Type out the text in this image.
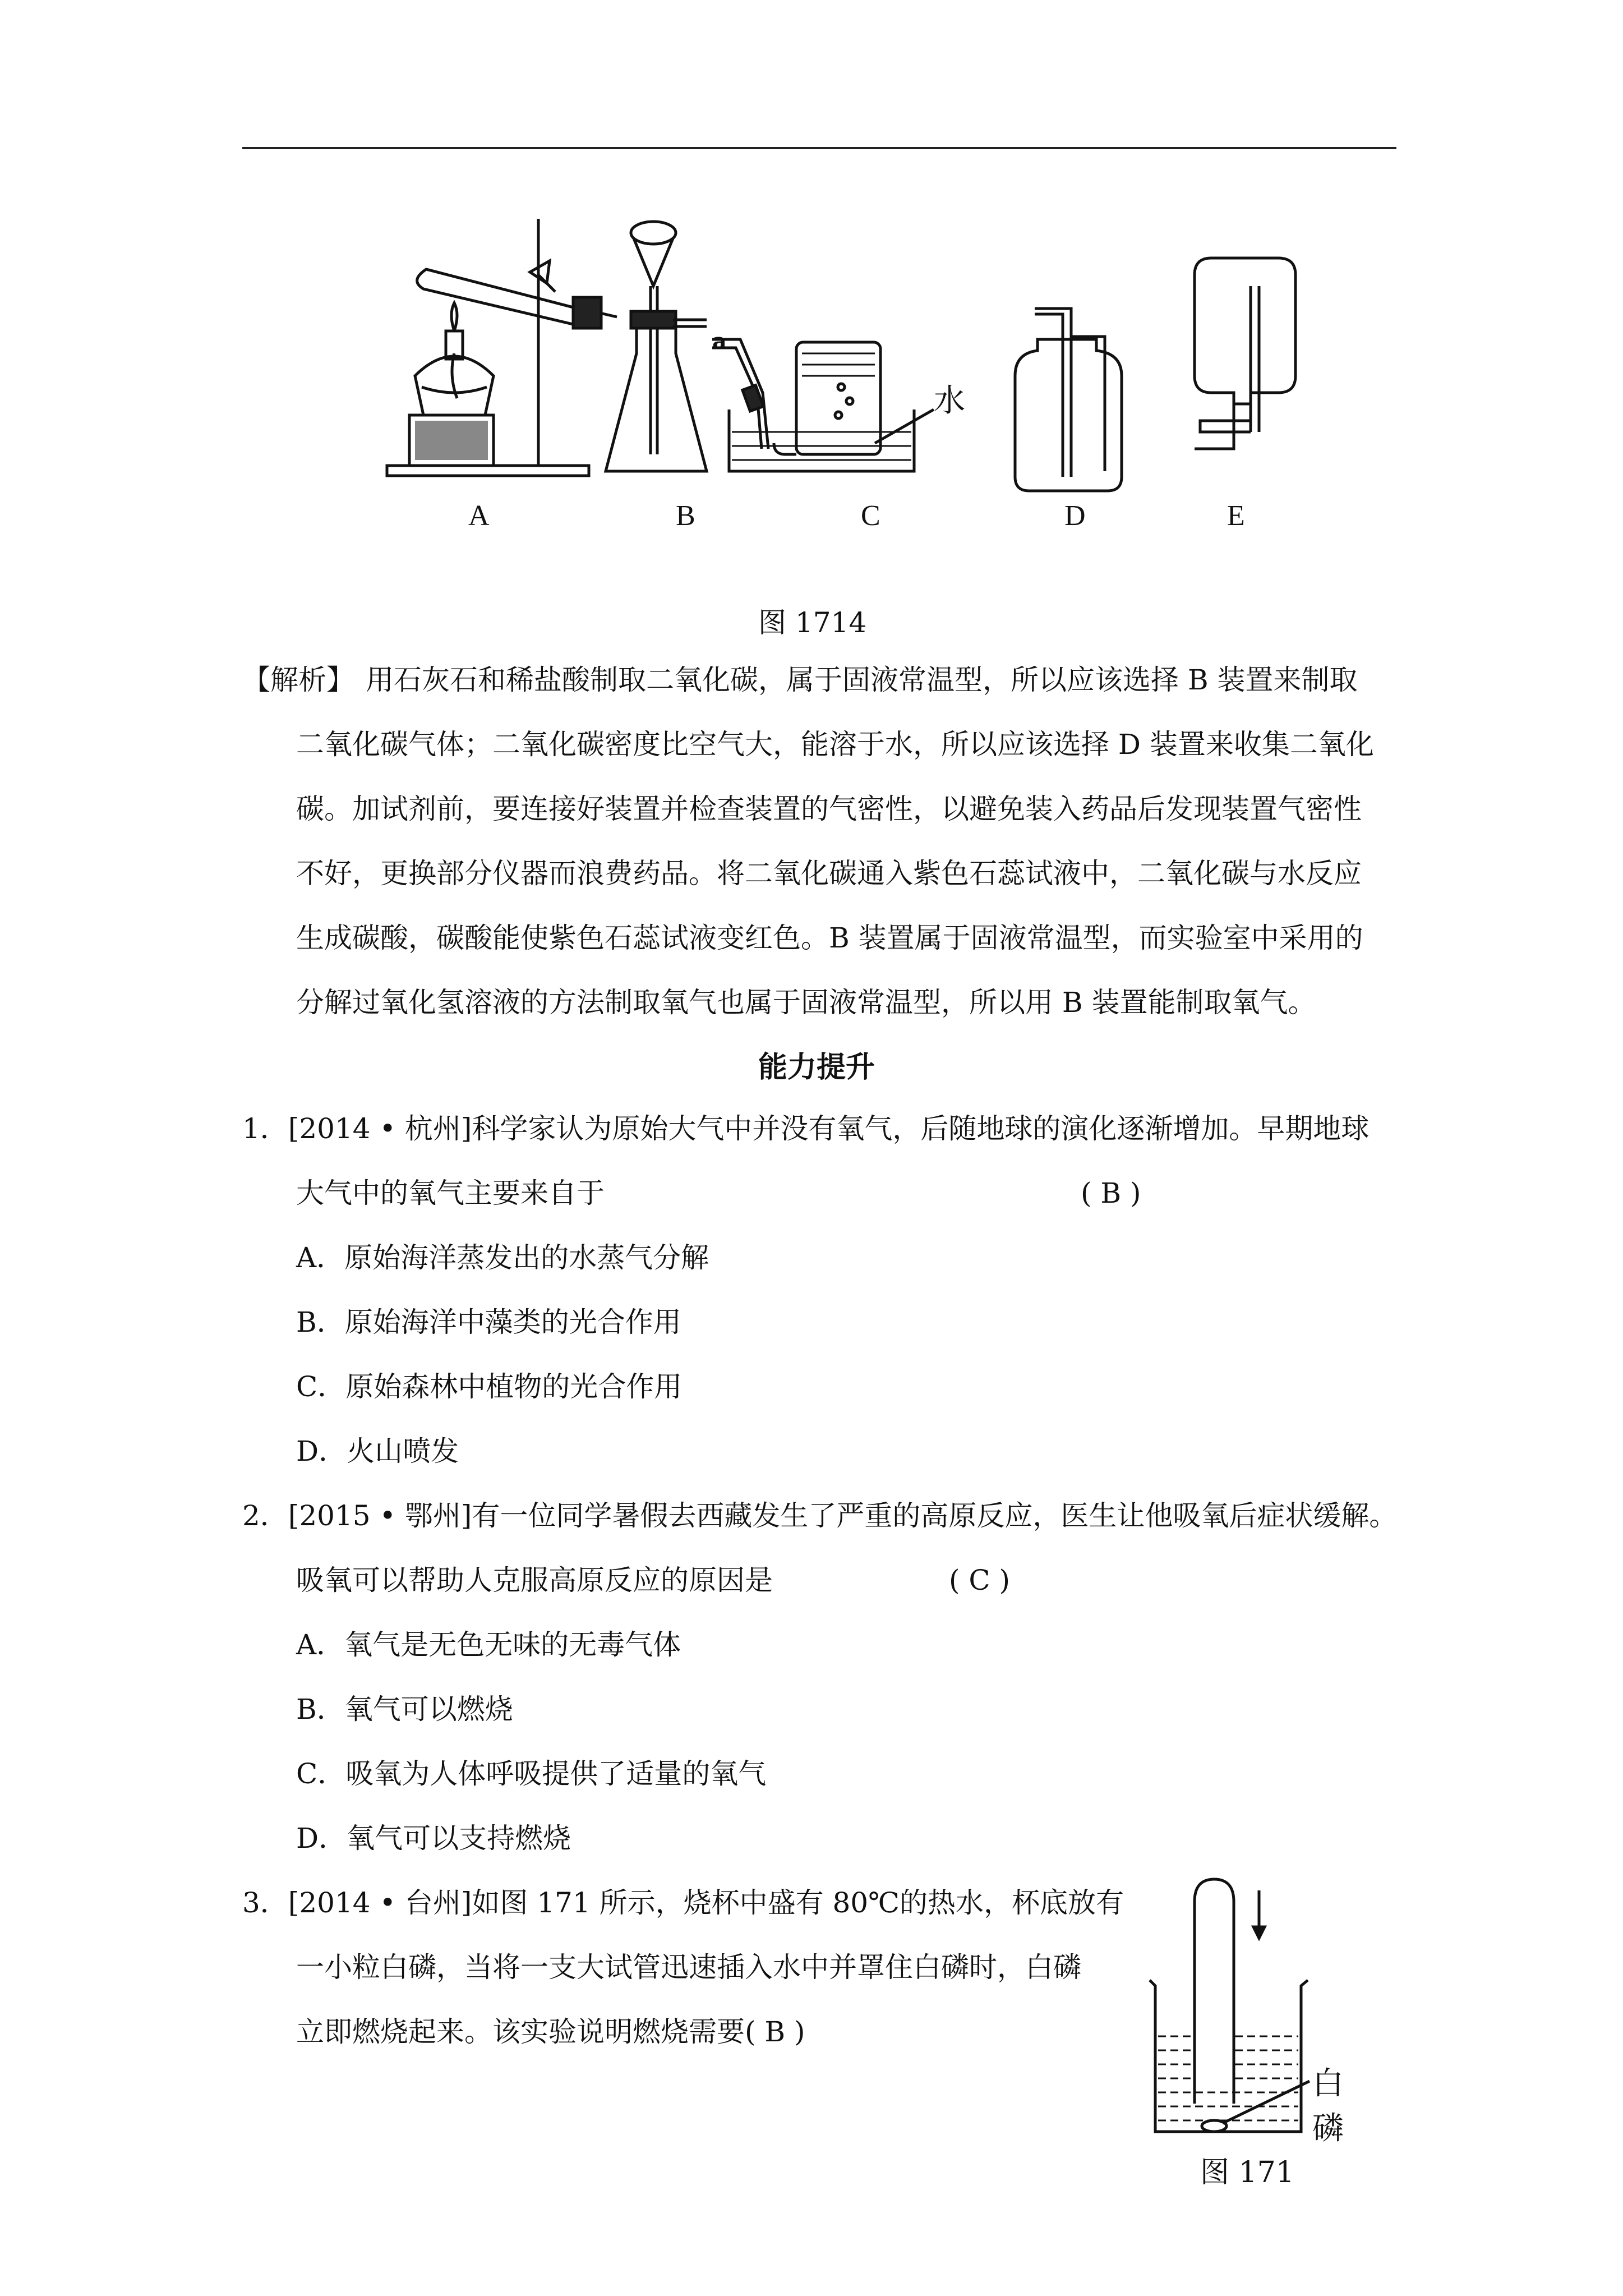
A	B	C	D	E
a
水
图 1714
【解析】 用石灰石和稀盐酸制取二氧化碳，属于固液常温型，所以应该选择 B 装置来制取
二氧化碳气体；二氧化碳密度比空气大，能溶于水，所以应该选择 D 装置来收集二氧化
碳。加试剂前，要连接好装置并检查装置的气密性，以避免装入药品后发现装置气密性
不好，更换部分仪器而浪费药品。将二氧化碳通入紫色石蕊试液中，二氧化碳与水反应
生成碳酸，碳酸能使紫色石蕊试液变红色。B 装置属于固液常温型，而实验室中采用的
分解过氧化氢溶液的方法制取氧气也属于固液常温型，所以用 B 装置能制取氧气。
能力提升
1．[2014 • 杭州]科学家认为原始大气中并没有氧气，后随地球的演化逐渐增加。早期地球
大气中的氧气主要来自于	( B )
A．原始海洋蒸发出的水蒸气分解
B．原始海洋中藻类的光合作用
C．原始森林中植物的光合作用
D．火山喷发
2．[2015 • 鄂州]有一位同学暑假去西藏发生了严重的高原反应，医生让他吸氧后症状缓解。
吸氧可以帮助人克服高原反应的原因是	( C )
A．氧气是无色无味的无毒气体
B．氧气可以燃烧
C．吸氧为人体呼吸提供了适量的氧气
D．氧气可以支持燃烧
3．[2014 • 台州]如图 171 所示，烧杯中盛有 80℃的热水，杯底放有
一小粒白磷，当将一支大试管迅速插入水中并罩住白磷时，白磷
立即燃烧起来。该实验说明燃烧需要( B )
白磷
图 171
